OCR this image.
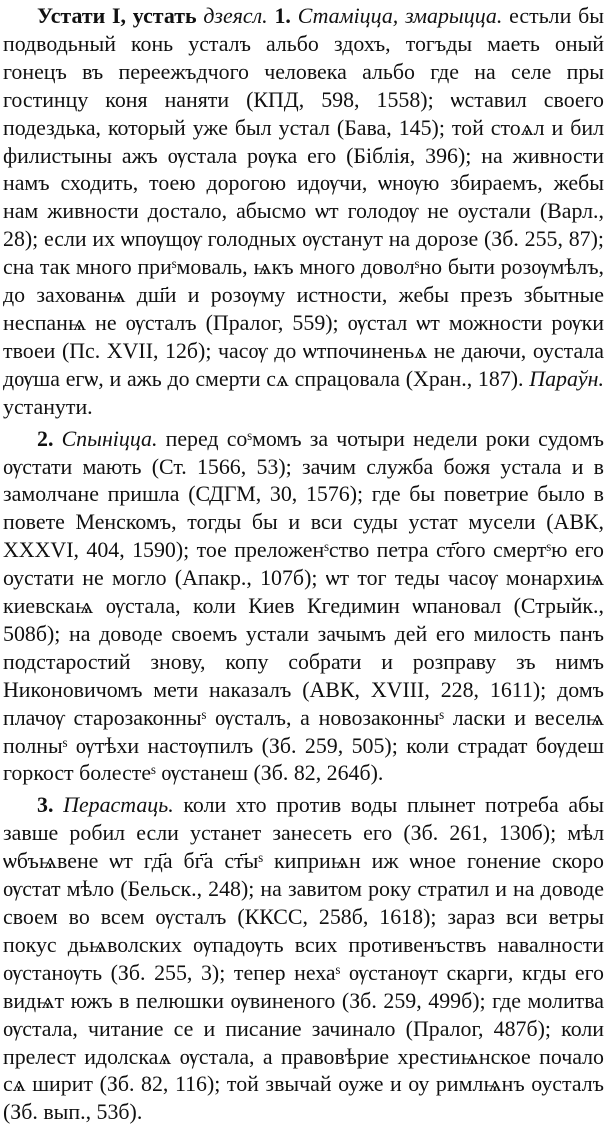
Устати I, устать дзеясл. 1. Стаміцца, змарыцца. естьли бы подводьный конь усталъ альбо здохъ, тогъды маеть оный гонецъ въ переежъдчого человека альбо где на селе пры гостинцу коня наняти (КПД, 598, 1558); ѡставил своего подездька, который уже был устал (Бава, 145); той стоѧл и бил филистыны ажъ ѹстала рѹка его (Біблія, 396); на живности намъ сходить, тоею дорогою идѹчи, ѡнѹю збираемъ, жебы нам живности достало, абысмо ѡт голодѹ не оустали (Варл., 28); если их ѡпѹщѹ голодных ѹстанут на дорозе (Зб. 255, 87); сна так много приˢмоваль, ѩкъ много доволˢно быти розѹмѣлъ, до захованѩ дш҃и и розѹму истности, жебы презъ збытные неспанѩ не ѹсталъ (Пралог, 559); ѹстал ѡт можности рѹки твоеи (Пс. XVII, 12б); часѹ до ѡтпочиненьѧ не даючи, оустала дѹша егѡ, и ажь до смерти сѧ спрацовала (Хран., 187). Параўн. устанути.

2. Спыніцца. перед соˢмомъ за чотыри недели роки судомъ ѹстати мають (Ст. 1566, 53); зачим служба божя устала и в замолчане пришла (СДГМ, 30, 1576); где бы поветрие было в повете Менскомъ, тогды бы и вси суды устат мусели (АВК, XXXVI, 404, 1590); тое преложенˢство петра ст҃ого смертˢю его оустати не могло (Апакр., 107б); ѡт тог теды часѹ монархиѩ киевскаѩ ѹстала, коли Киев Кгедимин ѡпановал (Стрыйк., 508б); на доводе своемъ устали зачымъ дей его милость панъ подстаростий знову, копу собрати и розправу зъ нимъ Никоновичомъ мети наказалъ (АВК, XVIII, 228, 1611); домъ плачѹ старозаконныˢ ѹсталъ, а новозаконныˢ ласки и веселѩ полныˢ ѹтѣхи настѹпилъ (Зб. 259, 505); коли страдат бѹдеш горкост болестеˢ ѹстанеш (Зб. 82, 264б).

3. Перастаць. коли хто против воды плынет потреба абы завше робил если устанет занесеть его (Зб. 261, 130б); мѣл ѡбъѩвене ѡт гд҃а бг҃а ст҃ыˢ киприѩн иж ѡное гонение скоро ѹстат мѣло (Бельск., 248); на завитом року стратил и на доводе своем во всем ѹсталъ (ККСС, 258б, 1618); зараз вси ветры покус дьѩволских ѹпадѹть всих противенъствъ навалности ѹстанѹть (Зб. 255, 3); тепер нехаˢ ѹстанѹт скарги, кгды его видѩт южъ в пелюшки ѹвиненого (Зб. 259, 499б); где молитва ѹстала, читание се и писание зачинало (Пралог, 487б); коли прелест идолскаѧ ѹстала, а правовѣрие хрестиѩнское почало сѧ ширит (Зб. 82, 116); той звычай оуже и оу римлѩнъ оусталъ (Зб. вып., 53б).
